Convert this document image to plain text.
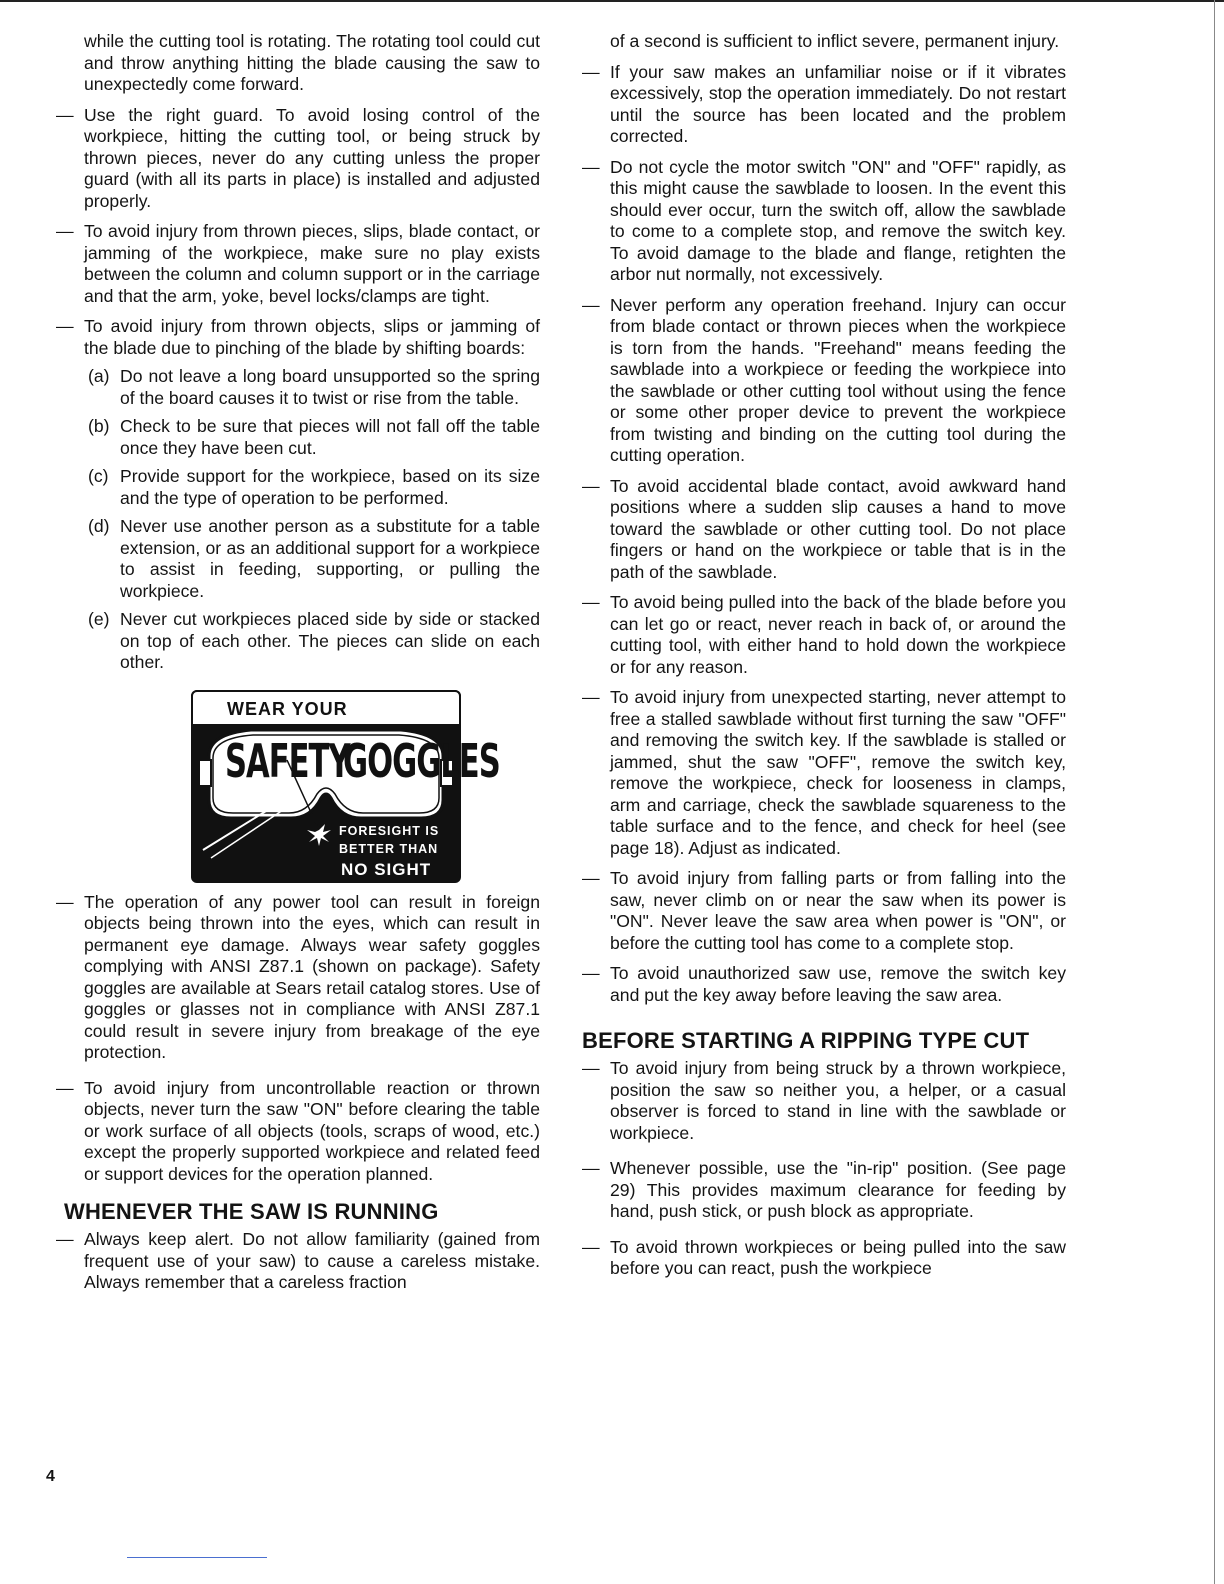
while the cutting tool is rotating. The rotating tool could cut and throw anything hitting the blade causing the saw to unexpectedly come forward.

— Use the right guard. To avoid losing control of the workpiece, hitting the cutting tool, or being struck by thrown pieces, never do any cutting unless the proper guard (with all its parts in place) is installed and adjusted properly.

— To avoid injury from thrown pieces, slips, blade contact, or jamming of the workpiece, make sure no play exists between the column and column support or in the carriage and that the arm, yoke, bevel locks/clamps are tight.

— To avoid injury from thrown objects, slips or jamming of the blade due to pinching of the blade by shifting boards:

(a) Do not leave a long board unsupported so the spring of the board causes it to twist or rise from the table.

(b) Check to be sure that pieces will not fall off the table once they have been cut.

(c) Provide support for the workpiece, based on its size and the type of operation to be performed.

(d) Never use another person as a substitute for a table extension, or as an additional support for a workpiece to assist in feeding, supporting, or pulling the workpiece.

(e) Never cut workpieces placed side by side or stacked on top of each other. The pieces can slide on each other.

WEAR YOUR
SAFETY
GOGGLES
FORESIGHT IS
BETTER THAN
NO SIGHT

— The operation of any power tool can result in foreign objects being thrown into the eyes, which can result in permanent eye damage. Always wear safety goggles complying with ANSI Z87.1 (shown on package). Safety goggles are available at Sears retail catalog stores. Use of goggles or glasses not in compliance with ANSI Z87.1 could result in severe injury from breakage of the eye protection.

— To avoid injury from uncontrollable reaction or thrown objects, never turn the saw "ON" before clearing the table or work surface of all objects (tools, scraps of wood, etc.) except the properly supported workpiece and related feed or support devices for the operation planned.

WHENEVER THE SAW IS RUNNING

— Always keep alert. Do not allow familiarity (gained from frequent use of your saw) to cause a careless mistake. Always remember that a careless fraction

of a second is sufficient to inflict severe, permanent injury.

— If your saw makes an unfamiliar noise or if it vibrates excessively, stop the operation immediately. Do not restart until the source has been located and the problem corrected.

— Do not cycle the motor switch "ON" and "OFF" rapidly, as this might cause the sawblade to loosen. In the event this should ever occur, turn the switch off, allow the sawblade to come to a complete stop, and remove the switch key. To avoid damage to the blade and flange, retighten the arbor nut normally, not excessively.

— Never perform any operation freehand. Injury can occur from blade contact or thrown pieces when the workpiece is torn from the hands. "Freehand" means feeding the sawblade into a workpiece or feeding the workpiece into the sawblade or other cutting tool without using the fence or some other proper device to prevent the workpiece from twisting and binding on the cutting tool during the cutting operation.

— To avoid accidental blade contact, avoid awkward hand positions where a sudden slip causes a hand to move toward the sawblade or other cutting tool. Do not place fingers or hand on the workpiece or table that is in the path of the sawblade.

— To avoid being pulled into the back of the blade before you can let go or react, never reach in back of, or around the cutting tool, with either hand to hold down the workpiece or for any reason.

— To avoid injury from unexpected starting, never attempt to free a stalled sawblade without first turning the saw "OFF" and removing the switch key. If the sawblade is stalled or jammed, shut the saw "OFF", remove the switch key, remove the workpiece, check for looseness in clamps, arm and carriage, check the sawblade squareness to the table surface and to the fence, and check for heel (see page 18). Adjust as indicated.

— To avoid injury from falling parts or from falling into the saw, never climb on or near the saw when its power is "ON". Never leave the saw area when power is "ON", or before the cutting tool has come to a complete stop.

— To avoid unauthorized saw use, remove the switch key and put the key away before leaving the saw area.

BEFORE STARTING A RIPPING TYPE CUT

— To avoid injury from being struck by a thrown workpiece, position the saw so neither you, a helper, or a casual observer is forced to stand in line with the sawblade or workpiece.

— Whenever possible, use the "in-rip" position. (See page 29) This provides maximum clearance for feeding by hand, push stick, or push block as appropriate.

— To avoid thrown workpieces or being pulled into the saw before you can react, push the workpiece

4
